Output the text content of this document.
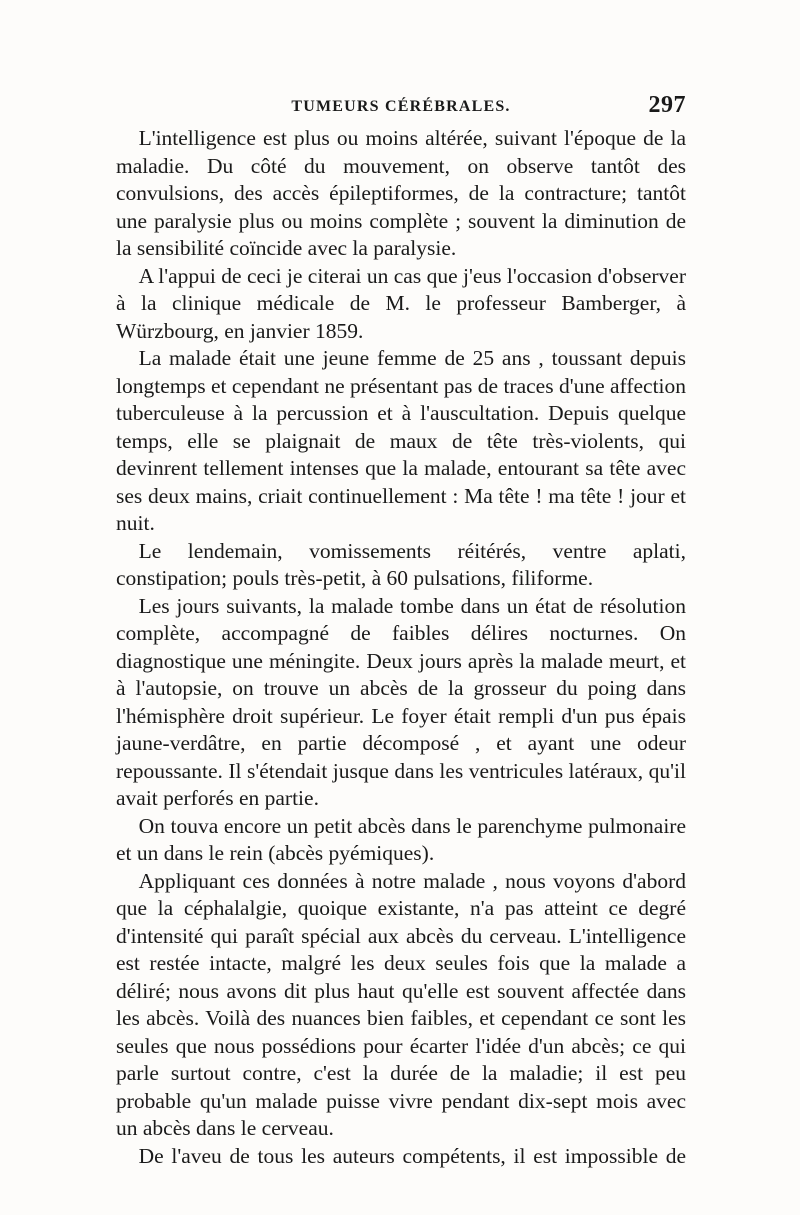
TUMEURS CÉRÉBRALES.	297

L'intelligence est plus ou moins altérée, suivant l'époque de la maladie. Du côté du mouvement, on observe tantôt des convulsions, des accès épileptiformes, de la contracture; tantôt une paralysie plus ou moins complète ; souvent la diminution de la sensibilité coïncide avec la paralysie.

A l'appui de ceci je citerai un cas que j'eus l'occasion d'observer à la clinique médicale de M. le professeur Bamberger, à Würzbourg, en janvier 1859.

La malade était une jeune femme de 25 ans , toussant depuis longtemps et cependant ne présentant pas de traces d'une affection tuberculeuse à la percussion et à l'auscultation. Depuis quelque temps, elle se plaignait de maux de tête très-violents, qui devinrent tellement intenses que la malade, entourant sa tête avec ses deux mains, criait continuellement : Ma tête ! ma tête ! jour et nuit.

Le lendemain, vomissements réitérés, ventre aplati, constipation; pouls très-petit, à 60 pulsations, filiforme.

Les jours suivants, la malade tombe dans un état de résolution complète, accompagné de faibles délires nocturnes. On diagnostique une méningite. Deux jours après la malade meurt, et à l'autopsie, on trouve un abcès de la grosseur du poing dans l'hémisphère droit supérieur. Le foyer était rempli d'un pus épais jaune-verdâtre, en partie décomposé , et ayant une odeur repoussante. Il s'étendait jusque dans les ventricules latéraux, qu'il avait perforés en partie.

On touva encore un petit abcès dans le parenchyme pulmonaire et un dans le rein (abcès pyémiques).

Appliquant ces données à notre malade , nous voyons d'abord que la céphalalgie, quoique existante, n'a pas atteint ce degré d'intensité qui paraît spécial aux abcès du cerveau. L'intelligence est restée intacte, malgré les deux seules fois que la malade a déliré; nous avons dit plus haut qu'elle est souvent affectée dans les abcès. Voilà des nuances bien faibles, et cependant ce sont les seules que nous possédions pour écarter l'idée d'un abcès; ce qui parle surtout contre, c'est la durée de la maladie; il est peu probable qu'un malade puisse vivre pendant dix-sept mois avec un abcès dans le cerveau.

De l'aveu de tous les auteurs compétents, il est impossible de
